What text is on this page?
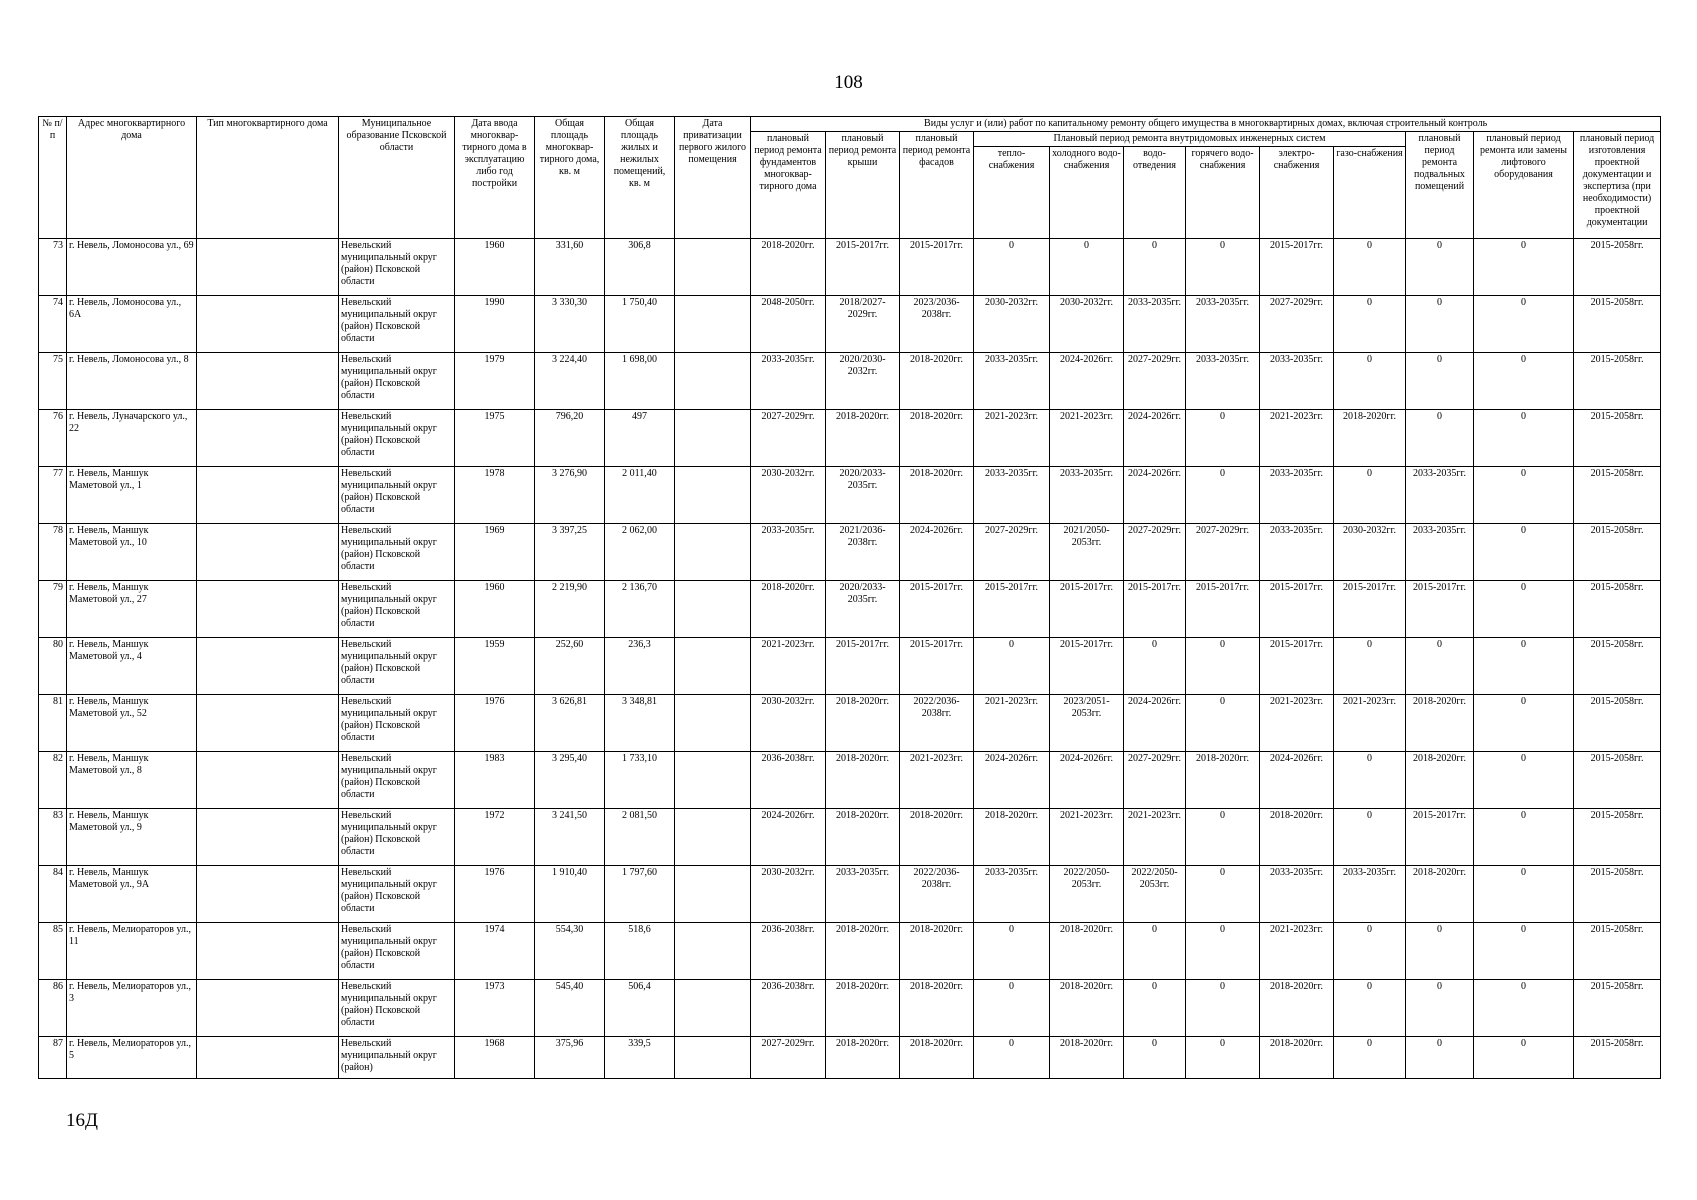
108
№ п/п	Адрес многоквартирного дома	Тип многоквартирного дома	Муниципальное образование Псковской области	Дата ввода многоквар-тирного дома в эксплуатацию либо год постройки	Общая площадь многоквар-тирного дома, кв. м	Общая площадь жилых и нежилых помещений, кв. м	Дата приватизации первого жилого помещения	Виды услуг и (или) работ по капитальному ремонту общего имущества в многоквартирных домах, включая строительный контроль											
								плановый период ремонта фундаментов многоквар-тирного дома	плановый период ремонта крыши	плановый период ремонта фасадов	Плановый период ремонта внутридомовых инженерных систем						плановый период ремонта подвальных помещений	плановый период ремонта или замены лифтового оборудования	плановый период изготовления проектной документации и экспертиза (при необходимости) проектной документации
											тепло-снабжения	холодного водо-снабжения	водо-отведения	горячего водо-снабжения	электро-снабжения	газо-снабжения			
73	г. Невель, Ломоносова ул., 69		Невельский муниципальный округ (район) Псковской области	1960	331,60	306,8		2018-2020гг.	2015-2017гг.	2015-2017гг.	0	0	0	0	2015-2017гг.	0	0	0	2015-2058гг.
74	г. Невель, Ломоносова ул., 6А		Невельский муниципальный округ (район) Псковской области	1990	3 330,30	1 750,40		2048-2050гг.	2018/2027-2029гг.	2023/2036-2038гг.	2030-2032гг.	2030-2032гг.	2033-2035гг.	2033-2035гг.	2027-2029гг.	0	0	0	2015-2058гг.
75	г. Невель, Ломоносова ул., 8		Невельский муниципальный округ (район) Псковской области	1979	3 224,40	1 698,00		2033-2035гг.	2020/2030-2032гг.	2018-2020гг.	2033-2035гг.	2024-2026гг.	2027-2029гг.	2033-2035гг.	2033-2035гг.	0	0	0	2015-2058гг.
76	г. Невель, Луначарского ул., 22		Невельский муниципальный округ (район) Псковской области	1975	796,20	497		2027-2029гг.	2018-2020гг.	2018-2020гг.	2021-2023гг.	2021-2023гг.	2024-2026гг.	0	2021-2023гг.	2018-2020гг.	0	0	2015-2058гг.
77	г. Невель, Маншук Маметовой ул., 1		Невельский муниципальный округ (район) Псковской области	1978	3 276,90	2 011,40		2030-2032гг.	2020/2033-2035гг.	2018-2020гг.	2033-2035гг.	2033-2035гг.	2024-2026гг.	0	2033-2035гг.	0	2033-2035гг.	0	2015-2058гг.
78	г. Невель, Маншук Маметовой ул., 10		Невельский муниципальный округ (район) Псковской области	1969	3 397,25	2 062,00		2033-2035гг.	2021/2036-2038гг.	2024-2026гг.	2027-2029гг.	2021/2050-2053гг.	2027-2029гг.	2027-2029гг.	2033-2035гг.	2030-2032гг.	2033-2035гг.	0	2015-2058гг.
79	г. Невель, Маншук Маметовой ул., 27		Невельский муниципальный округ (район) Псковской области	1960	2 219,90	2 136,70		2018-2020гг.	2020/2033-2035гг.	2015-2017гг.	2015-2017гг.	2015-2017гг.	2015-2017гг.	2015-2017гг.	2015-2017гг.	2015-2017гг.	2015-2017гг.	0	2015-2058гг.
80	г. Невель, Маншук Маметовой ул., 4		Невельский муниципальный округ (район) Псковской области	1959	252,60	236,3		2021-2023гг.	2015-2017гг.	2015-2017гг.	0	2015-2017гг.	0	0	2015-2017гг.	0	0	0	2015-2058гг.
81	г. Невель, Маншук Маметовой ул., 52		Невельский муниципальный округ (район) Псковской области	1976	3 626,81	3 348,81		2030-2032гг.	2018-2020гг.	2022/2036-2038гг.	2021-2023гг.	2023/2051-2053гг.	2024-2026гг.	0	2021-2023гг.	2021-2023гг.	2018-2020гг.	0	2015-2058гг.
82	г. Невель, Маншук Маметовой ул., 8		Невельский муниципальный округ (район) Псковской области	1983	3 295,40	1 733,10		2036-2038гг.	2018-2020гг.	2021-2023гг.	2024-2026гг.	2024-2026гг.	2027-2029гг.	2018-2020гг.	2024-2026гг.	0	2018-2020гг.	0	2015-2058гг.
83	г. Невель, Маншук Маметовой ул., 9		Невельский муниципальный округ (район) Псковской области	1972	3 241,50	2 081,50		2024-2026гг.	2018-2020гг.	2018-2020гг.	2018-2020гг.	2021-2023гг.	2021-2023гг.	0	2018-2020гг.	0	2015-2017гг.	0	2015-2058гг.
84	г. Невель, Маншук Маметовой ул., 9А		Невельский муниципальный округ (район) Псковской области	1976	1 910,40	1 797,60		2030-2032гг.	2033-2035гг.	2022/2036-2038гг.	2033-2035гг.	2022/2050-2053гг.	2022/2050-2053гг.	0	2033-2035гг.	2033-2035гг.	2018-2020гг.	0	2015-2058гг.
85	г. Невель, Мелиораторов ул., 11		Невельский муниципальный округ (район) Псковской области	1974	554,30	518,6		2036-2038гг.	2018-2020гг.	2018-2020гг.	0	2018-2020гг.	0	0	2021-2023гг.	0	0	0	2015-2058гг.
86	г. Невель, Мелиораторов ул., 3		Невельский муниципальный округ (район) Псковской области	1973	545,40	506,4		2036-2038гг.	2018-2020гг.	2018-2020гг.	0	2018-2020гг.	0	0	2018-2020гг.	0	0	0	2015-2058гг.
87	г. Невель, Мелиораторов ул., 5		Невельский муниципальный округ (район)	1968	375,96	339,5		2027-2029гг.	2018-2020гг.	2018-2020гг.	0	2018-2020гг.	0	0	2018-2020гг.	0	0	0	2015-2058гг.
16Д
